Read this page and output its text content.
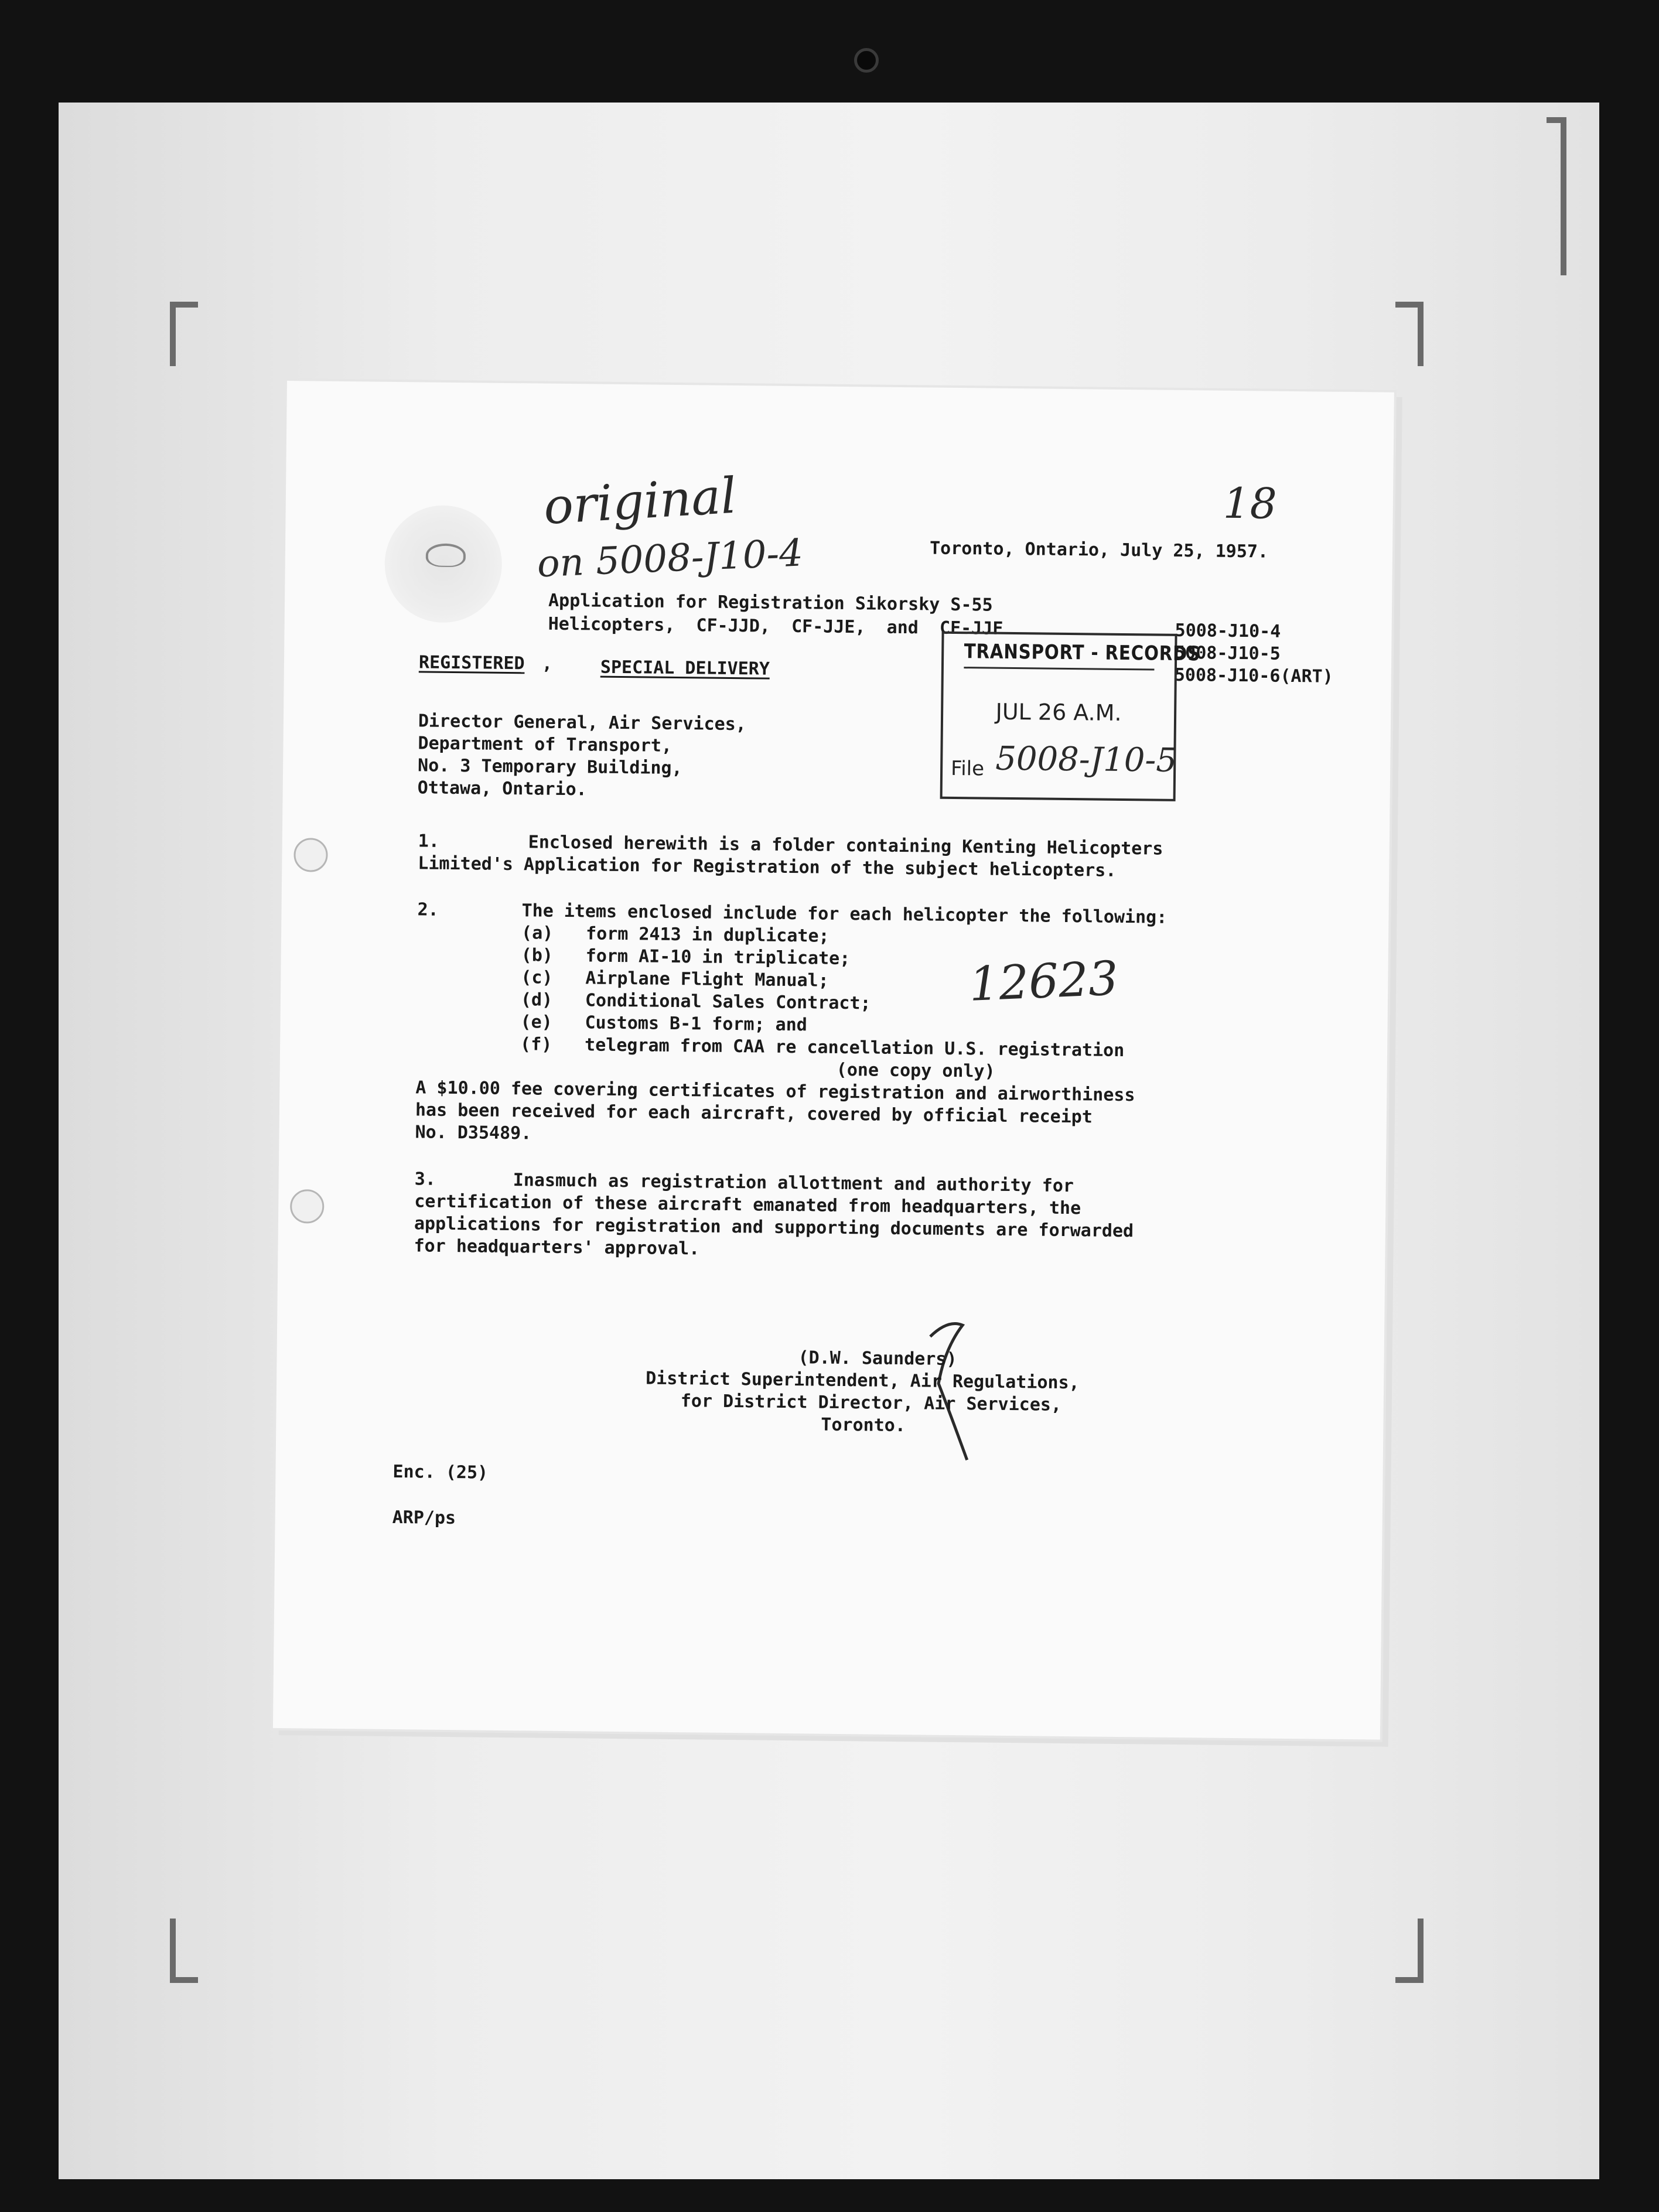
original
on 5008-J10-4
18
12623
Toronto, Ontario, July 25, 1957.
Application for Registration Sikorsky S-55
Helicopters,  CF-JJD,  CF-JJE,  and  CF-JJF	5008-J10-4
5008-J10-5
5008-J10-6(ART)
REGISTERED ,	SPECIAL DELIVERY
Director General, Air Services,
Department of Transport,
No. 3 Temporary Building,
Ottawa, Ontario.
TRANSPORT - RECORDS
JUL 26 A.M.
File 5008-J10-5
1.	Enclosed herewith is a folder containing Kenting Helicopters
Limited's Application for Registration of the subject helicopters.
2.	The items enclosed include for each helicopter the following:
(a) form 2413 in duplicate;
(b) form AI-10 in triplicate;
(c) Airplane Flight Manual;
(d) Conditional Sales Contract;
(e) Customs B-1 form; and
(f) telegram from CAA re cancellation U.S. registration
(one copy only)
A $10.00 fee covering certificates of registration and airworthiness
has been received for each aircraft, covered by official receipt
No. D35489.
3.	Inasmuch as registration allottment and authority for
certification of these aircraft emanated from headquarters, the
applications for registration and supporting documents are forwarded
for headquarters' approval.
(D.W. Saunders)
District Superintendent, Air Regulations,
for District Director, Air Services,
Toronto.
Enc. (25)
ARP/ps
